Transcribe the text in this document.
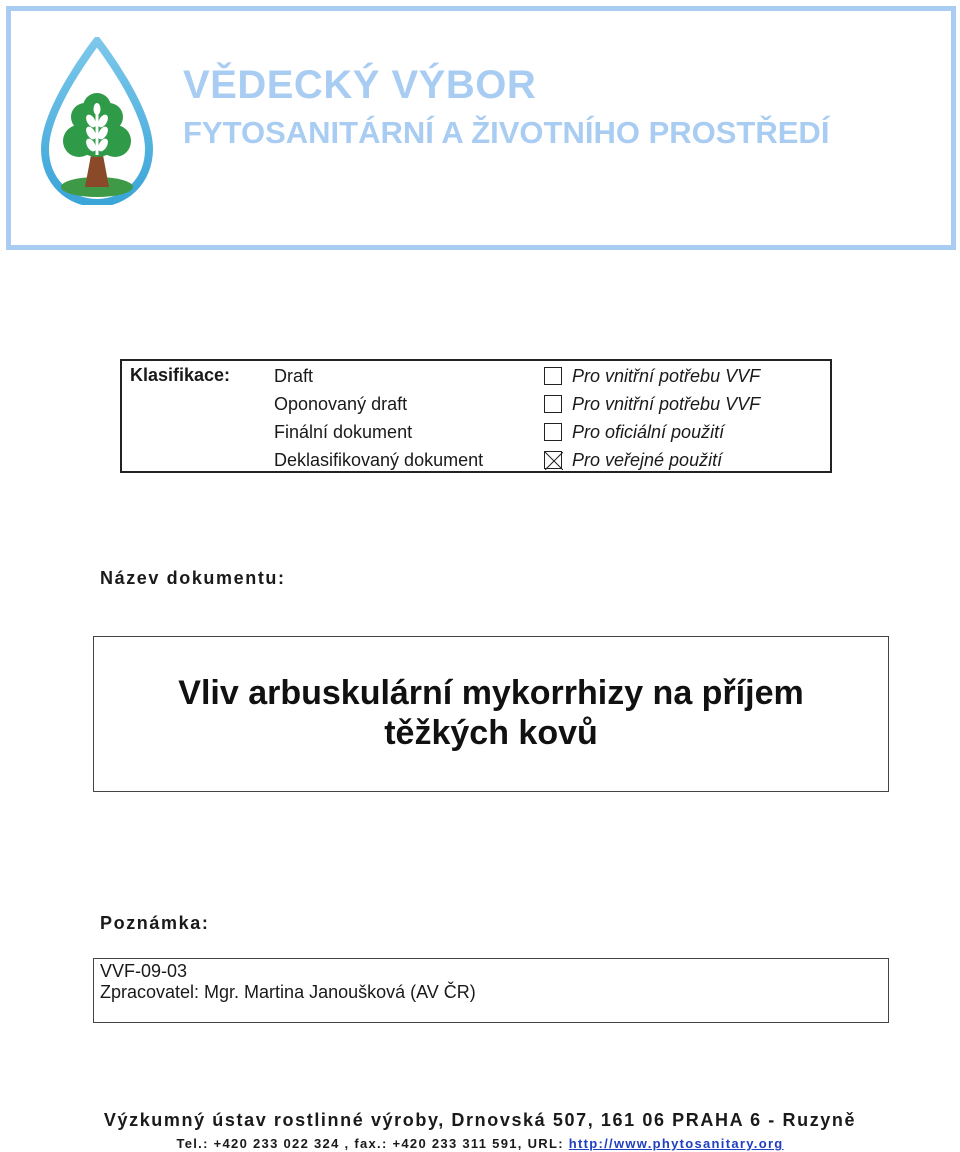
VĚDECKÝ VÝBOR
FYTOSANITÁRNÍ A ŽIVOTNÍHO PROSTŘEDÍ
Klasifikace: Draft
Oponovaný draft
Finální dokument
Deklasifikovaný dokument
Pro vnitřní potřebu VVF
Pro vnitřní potřebu VVF
Pro oficiální použití
Pro veřejné použití
Název dokumentu:
Vliv arbuskulární mykorrhizy na příjem těžkých kovů
Poznámka:
VVF-09-03
Zpracovatel: Mgr. Martina Janoušková (AV ČR)
Výzkumný ústav rostlinné výroby, Drnovská 507, 161 06 PRAHA 6 - Ruzyně
Tel.: +420 233 022 324 , fax.: +420 233 311 591, URL: http://www.phytosanitary.org
